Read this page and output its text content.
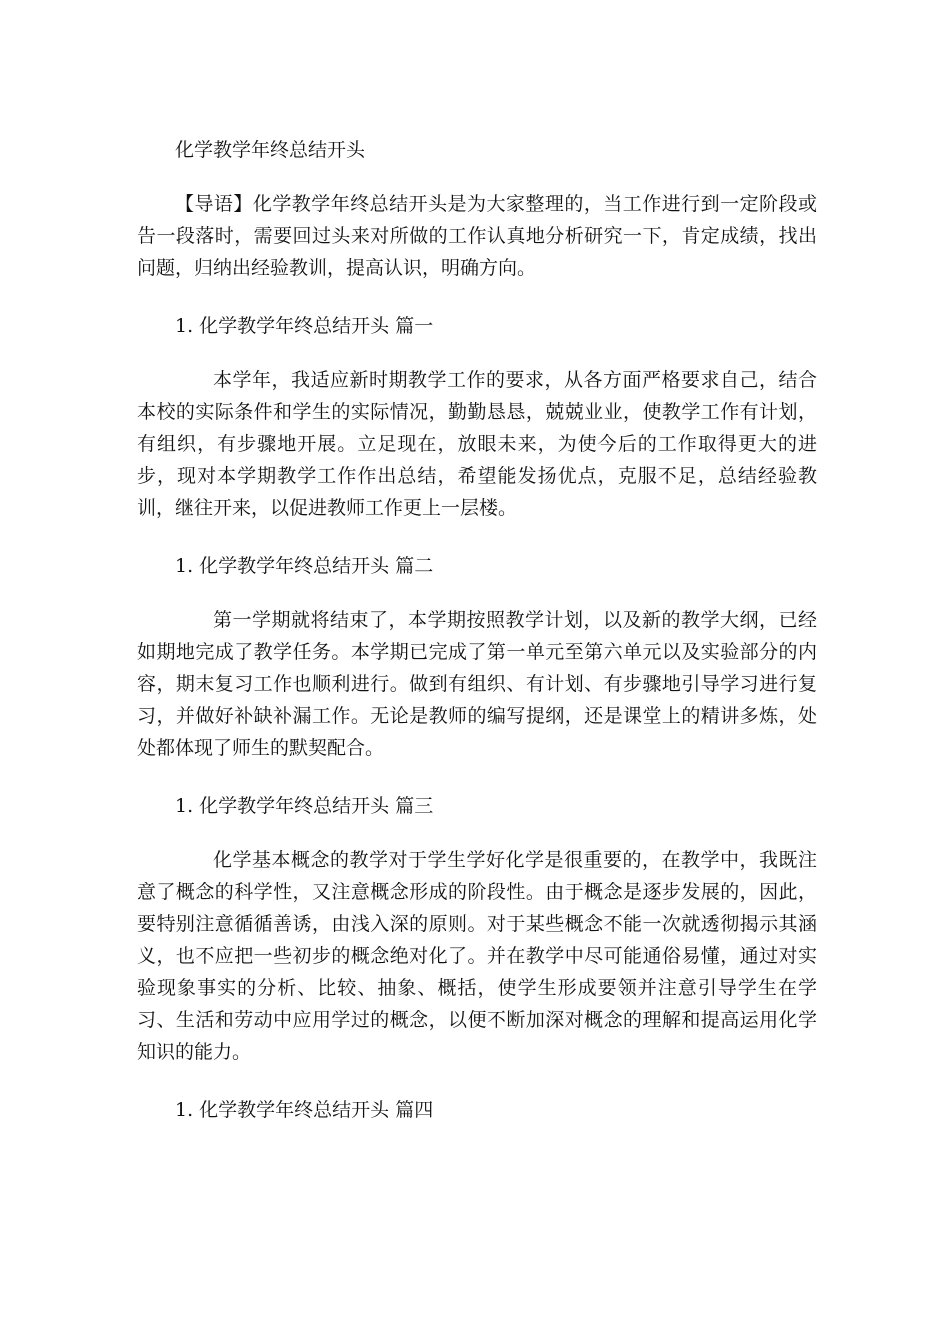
化学教学年终总结开头

【导语】化学教学年终总结开头是为大家整理的，当工作进行到一定阶段或告一段落时，需要回过头来对所做的工作认真地分析研究一下，肯定成绩，找出问题，归纳出经验教训，提高认识，明确方向。

1. 化学教学年终总结开头 篇一

本学年，我适应新时期教学工作的要求，从各方面严格要求自己，结合本校的实际条件和学生的实际情况，勤勤恳恳，兢兢业业，使教学工作有计划，有组织，有步骤地开展。立足现在，放眼未来，为使今后的工作取得更大的进步，现对本学期教学工作作出总结，希望能发扬优点，克服不足，总结经验教训，继往开来，以促进教师工作更上一层楼。

1. 化学教学年终总结开头 篇二

第一学期就将结束了，本学期按照教学计划，以及新的教学大纲，已经如期地完成了教学任务。本学期已完成了第一单元至第六单元以及实验部分的内容，期末复习工作也顺利进行。做到有组织、有计划、有步骤地引导学习进行复习，并做好补缺补漏工作。无论是教师的编写提纲，还是课堂上的精讲多炼，处处都体现了师生的默契配合。

1. 化学教学年终总结开头 篇三

化学基本概念的教学对于学生学好化学是很重要的，在教学中，我既注意了概念的科学性，又注意概念形成的阶段性。由于概念是逐步发展的，因此，要特别注意循循善诱，由浅入深的原则。对于某些概念不能一次就透彻揭示其涵义，也不应把一些初步的概念绝对化了。并在教学中尽可能通俗易懂，通过对实验现象事实的分析、比较、抽象、概括，使学生形成要领并注意引导学生在学习、生活和劳动中应用学过的概念，以便不断加深对概念的理解和提高运用化学知识的能力。

1. 化学教学年终总结开头 篇四
